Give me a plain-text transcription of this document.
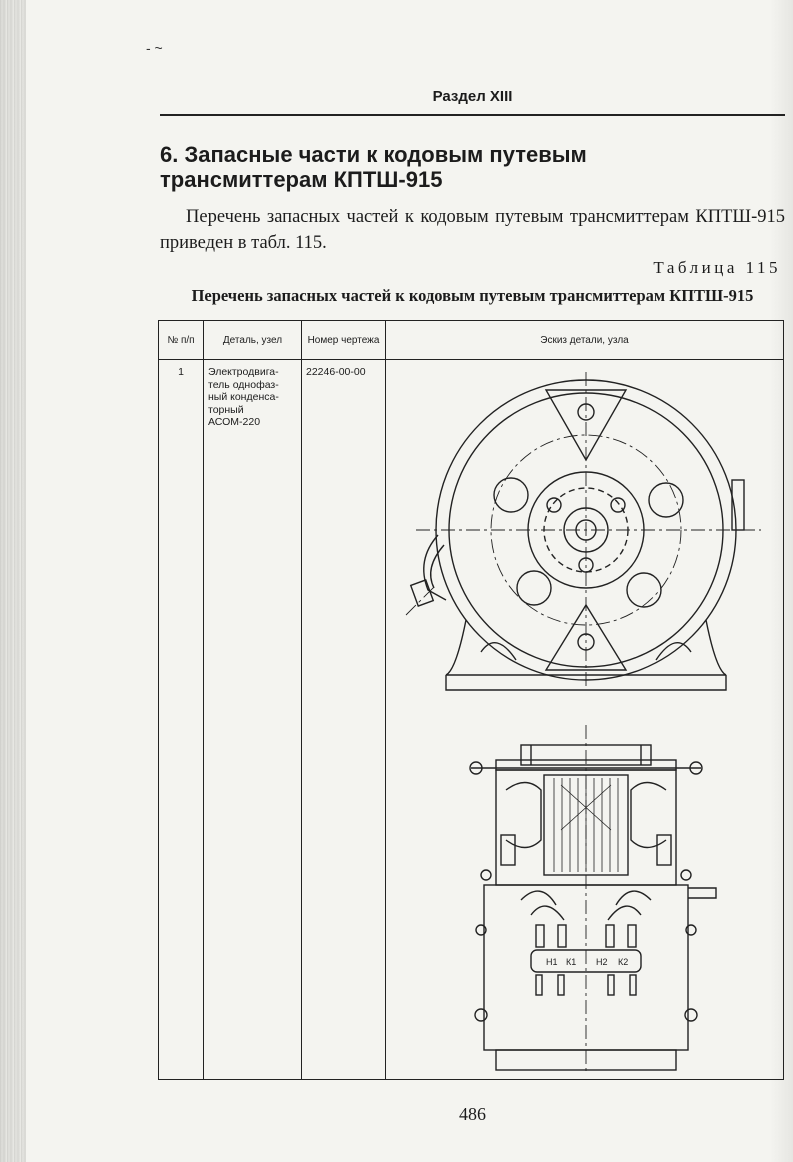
- ~
Раздел XIII
6. Запасные части к кодовым путевым трансмиттерам КПТШ-915
Перечень запасных частей к кодовым путевым трансмиттерам КПТШ-915 приведен в табл. 115.
Таблица 115
Перечень запасных частей к кодовым путевым трансмиттерам КПТШ-915
№ п/п	Деталь, узел	Номер чертежа	Эскиз детали, узла
1	Электродвига-
тель однофаз-
ный конденса-
торный
АСОМ-220	22246-00-00	Н1 К1 Н2 К2
486
